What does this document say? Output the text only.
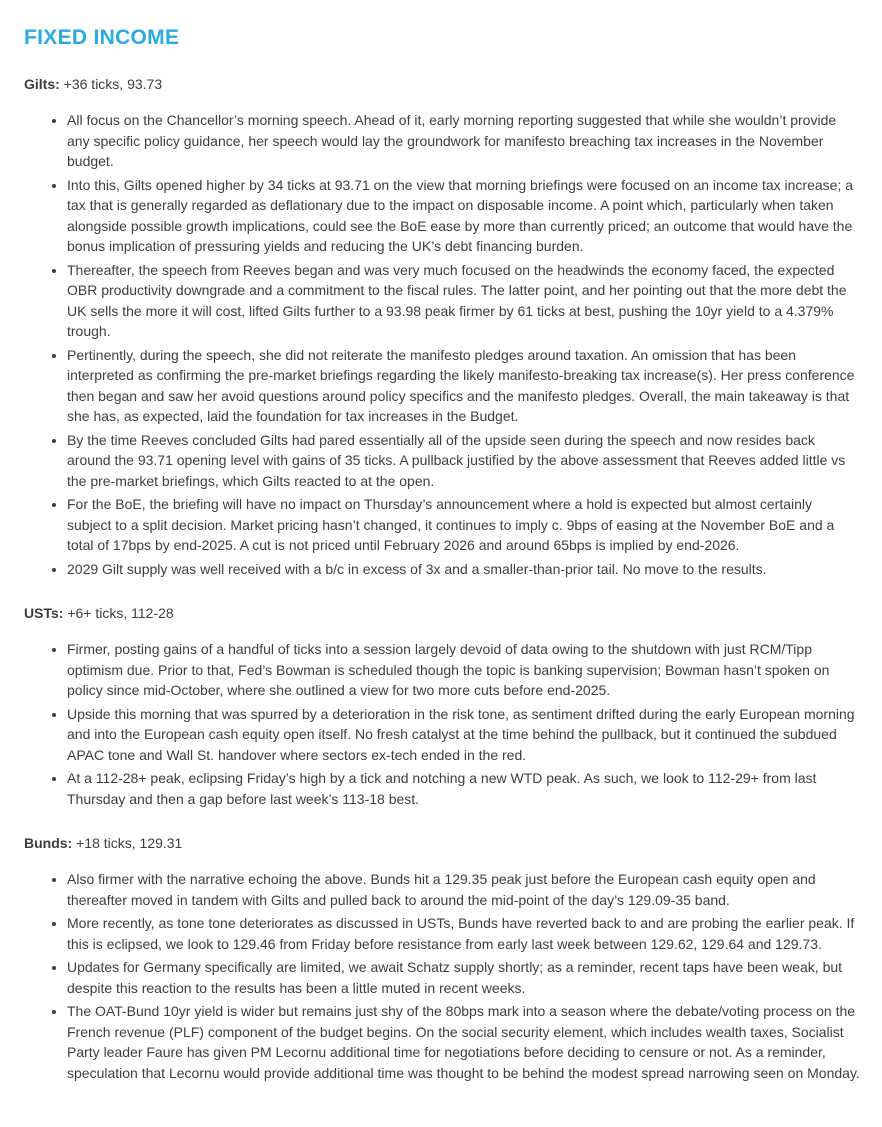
FIXED INCOME

Gilts: +36 ticks, 93.73

• All focus on the Chancellor’s morning speech. Ahead of it, early morning reporting suggested that while she wouldn’t provide any specific policy guidance, her speech would lay the groundwork for manifesto breaching tax increases in the November budget.
• Into this, Gilts opened higher by 34 ticks at 93.71 on the view that morning briefings were focused on an income tax increase; a tax that is generally regarded as deflationary due to the impact on disposable income. A point which, particularly when taken alongside possible growth implications, could see the BoE ease by more than currently priced; an outcome that would have the bonus implication of pressuring yields and reducing the UK’s debt financing burden.
• Thereafter, the speech from Reeves began and was very much focused on the headwinds the economy faced, the expected OBR productivity downgrade and a commitment to the fiscal rules. The latter point, and her pointing out that the more debt the UK sells the more it will cost, lifted Gilts further to a 93.98 peak firmer by 61 ticks at best, pushing the 10yr yield to a 4.379% trough.
• Pertinently, during the speech, she did not reiterate the manifesto pledges around taxation. An omission that has been interpreted as confirming the pre-market briefings regarding the likely manifesto-breaking tax increase(s). Her press conference then began and saw her avoid questions around policy specifics and the manifesto pledges. Overall, the main takeaway is that she has, as expected, laid the foundation for tax increases in the Budget.
• By the time Reeves concluded Gilts had pared essentially all of the upside seen during the speech and now resides back around the 93.71 opening level with gains of 35 ticks. A pullback justified by the above assessment that Reeves added little vs the pre-market briefings, which Gilts reacted to at the open.
• For the BoE, the briefing will have no impact on Thursday’s announcement where a hold is expected but almost certainly subject to a split decision. Market pricing hasn’t changed, it continues to imply c. 9bps of easing at the November BoE and a total of 17bps by end-2025. A cut is not priced until February 2026 and around 65bps is implied by end-2026.
• 2029 Gilt supply was well received with a b/c in excess of 3x and a smaller-than-prior tail. No move to the results.

USTs: +6+ ticks, 112-28

• Firmer, posting gains of a handful of ticks into a session largely devoid of data owing to the shutdown with just RCM/Tipp optimism due. Prior to that, Fed’s Bowman is scheduled though the topic is banking supervision; Bowman hasn’t spoken on policy since mid-October, where she outlined a view for two more cuts before end-2025.
• Upside this morning that was spurred by a deterioration in the risk tone, as sentiment drifted during the early European morning and into the European cash equity open itself. No fresh catalyst at the time behind the pullback, but it continued the subdued APAC tone and Wall St. handover where sectors ex-tech ended in the red.
• At a 112-28+ peak, eclipsing Friday’s high by a tick and notching a new WTD peak. As such, we look to 112-29+ from last Thursday and then a gap before last week’s 113-18 best.

Bunds: +18 ticks, 129.31

• Also firmer with the narrative echoing the above. Bunds hit a 129.35 peak just before the European cash equity open and thereafter moved in tandem with Gilts and pulled back to around the mid-point of the day’s 129.09-35 band.
• More recently, as tone tone deteriorates as discussed in USTs, Bunds have reverted back to and are probing the earlier peak. If this is eclipsed, we look to 129.46 from Friday before resistance from early last week between 129.62, 129.64 and 129.73.
• Updates for Germany specifically are limited, we await Schatz supply shortly; as a reminder, recent taps have been weak, but despite this reaction to the results has been a little muted in recent weeks.
• The OAT-Bund 10yr yield is wider but remains just shy of the 80bps mark into a season where the debate/voting process on the French revenue (PLF) component of the budget begins. On the social security element, which includes wealth taxes, Socialist Party leader Faure has given PM Lecornu additional time for negotiations before deciding to censure or not. As a reminder, speculation that Lecornu would provide additional time was thought to be behind the modest spread narrowing seen on Monday.
